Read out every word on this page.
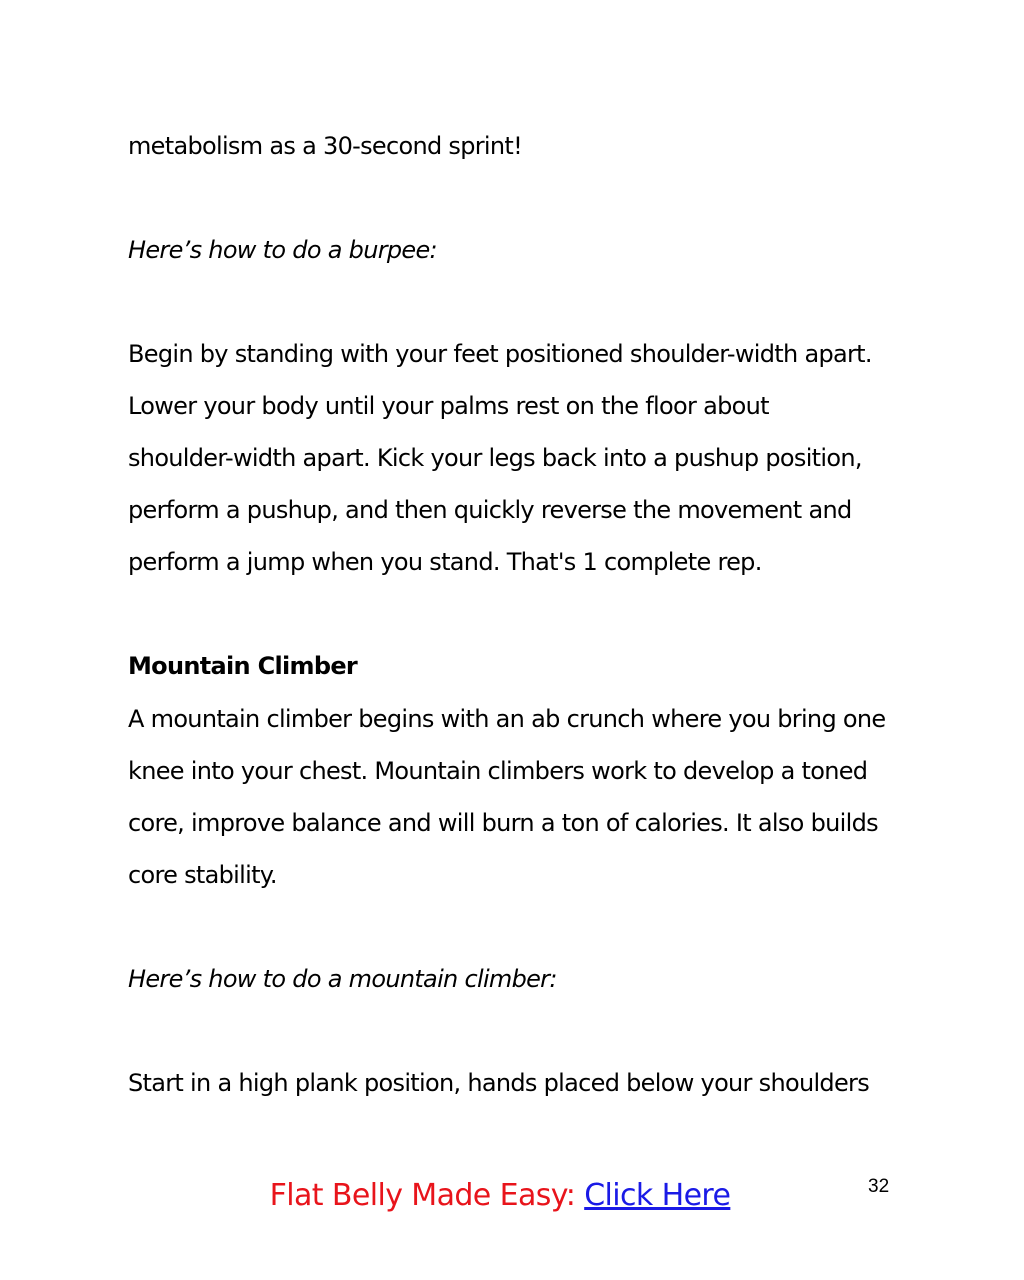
metabolism as a 30-second sprint!
Here’s how to do a burpee:
Begin by standing with your feet positioned shoulder-width apart.
Lower your body until your palms rest on the floor about
shoulder-width apart. Kick your legs back into a pushup position,
perform a pushup, and then quickly reverse the movement and
perform a jump when you stand. That's 1 complete rep.
Mountain Climber
A mountain climber begins with an ab crunch where you bring one
knee into your chest. Mountain climbers work to develop a toned
core, improve balance and will burn a ton of calories. It also builds
core stability.
Here’s how to do a mountain climber:
Start in a high plank position, hands placed below your shoulders
Flat Belly Made Easy: Click Here	32
